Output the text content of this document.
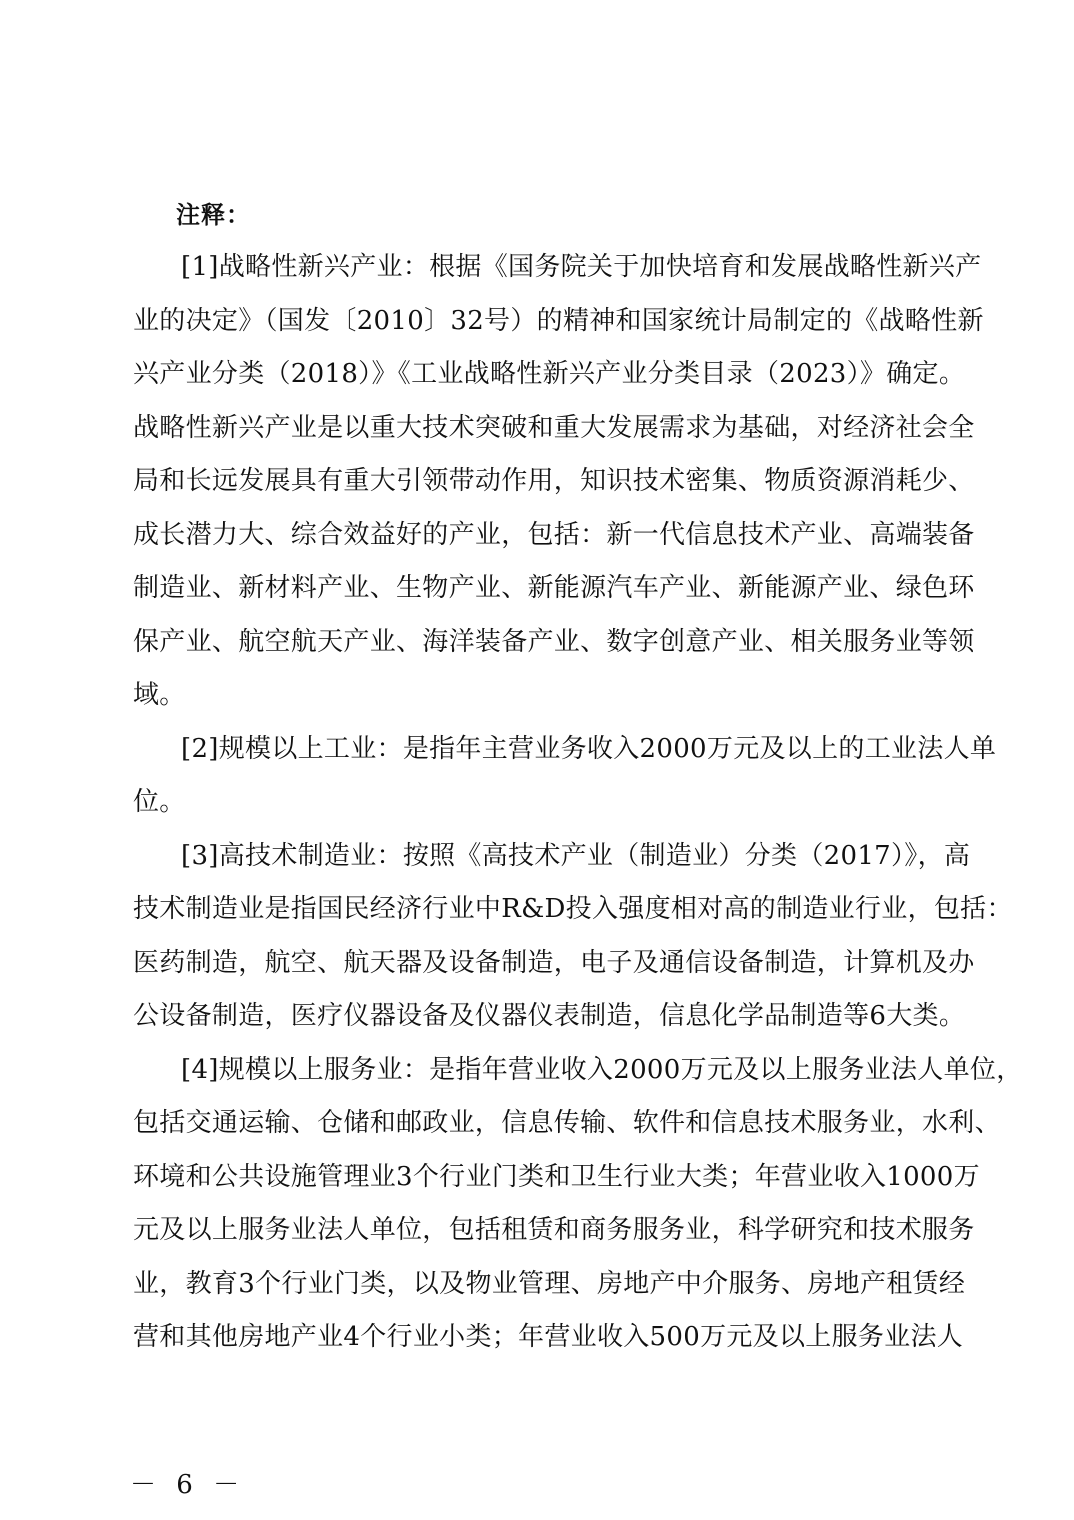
注释：
[1]战略性新兴产业：根据《国务院关于加快培育和发展战略性新兴产
业的决定》（国发〔2010〕32号）的精神和国家统计局制定的《战略性新
兴产业分类（2018）》《工业战略性新兴产业分类目录（2023）》确定。
战略性新兴产业是以重大技术突破和重大发展需求为基础，对经济社会全
局和长远发展具有重大引领带动作用，知识技术密集、物质资源消耗少、
成长潜力大、综合效益好的产业，包括：新一代信息技术产业、高端装备
制造业、新材料产业、生物产业、新能源汽车产业、新能源产业、绿色环
保产业、航空航天产业、海洋装备产业、数字创意产业、相关服务业等领
域。
[2]规模以上工业：是指年主营业务收入2000万元及以上的工业法人单
位。
[3]高技术制造业：按照《高技术产业（制造业）分类（2017）》，高
技术制造业是指国民经济行业中R&D投入强度相对高的制造业行业，包括：
医药制造，航空、航天器及设备制造，电子及通信设备制造，计算机及办
公设备制造，医疗仪器设备及仪器仪表制造，信息化学品制造等6大类。
[4]规模以上服务业：是指年营业收入2000万元及以上服务业法人单位，
包括交通运输、仓储和邮政业，信息传输、软件和信息技术服务业，水利、
环境和公共设施管理业3个行业门类和卫生行业大类；年营业收入1000万
元及以上服务业法人单位，包括租赁和商务服务业，科学研究和技术服务
业，教育3个行业门类，以及物业管理、房地产中介服务、房地产租赁经
营和其他房地产业4个行业小类；年营业收入500万元及以上服务业法人
－ 6 －
